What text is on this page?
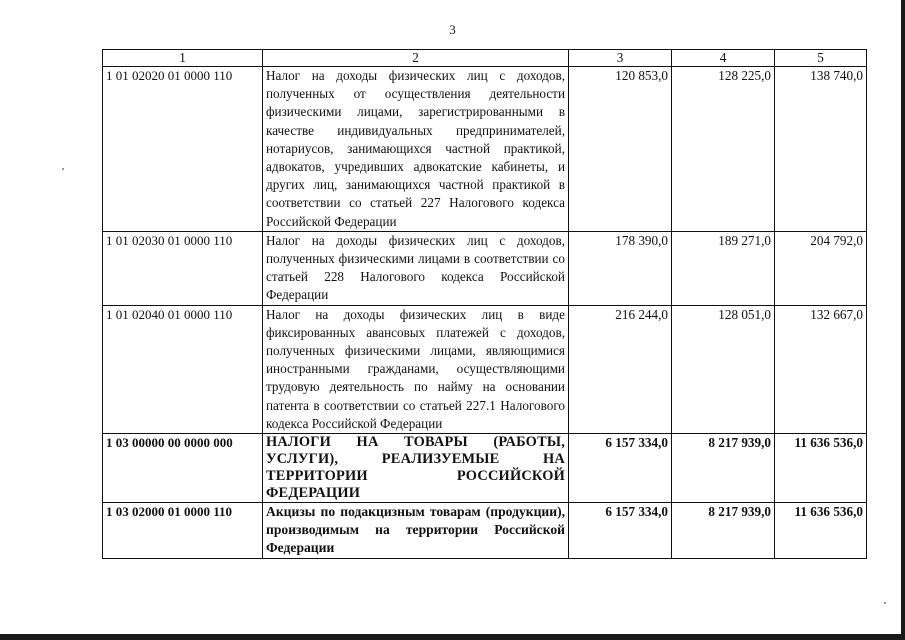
3
1	2	3	4	5
1 01 02020 01 0000 110	Налог на доходы физических лиц с доходов, полученных от осуществления деятельности физическими лицами, зарегистрированными в качестве индивидуальных предпринимателей, нотариусов, занимающихся частной практикой, адвокатов, учредивших адвокатские кабинеты, и других лиц, занимающихся частной практикой в соответствии со статьей 227 Налогового кодекса Российской Федерации	120 853,0	128 225,0	138 740,0
1 01 02030 01 0000 110	Налог на доходы физических лиц с доходов, полученных физическими лицами в соответствии со статьей 228 Налогового кодекса Российской Федерации	178 390,0	189 271,0	204 792,0
1 01 02040 01 0000 110	Налог на доходы физических лиц в виде фиксированных авансовых платежей с доходов, полученных физическими лицами, являющимися иностранными гражданами, осуществляющими трудовую деятельность по найму на основании патента в соответствии со статьей 227.1 Налогового кодекса Российской Федерации	216 244,0	128 051,0	132 667,0
1 03 00000 00 0000 000	НАЛОГИ НА ТОВАРЫ (РАБОТЫ, УСЛУГИ), РЕАЛИЗУЕМЫЕ НА ТЕРРИТОРИИ РОССИЙСКОЙ ФЕДЕРАЦИИ	6 157 334,0	8 217 939,0	11 636 536,0
1 03 02000 01 0000 110	Акцизы по подакцизным товарам (продукции), производимым на территории Российской Федерации	6 157 334,0	8 217 939,0	11 636 536,0
